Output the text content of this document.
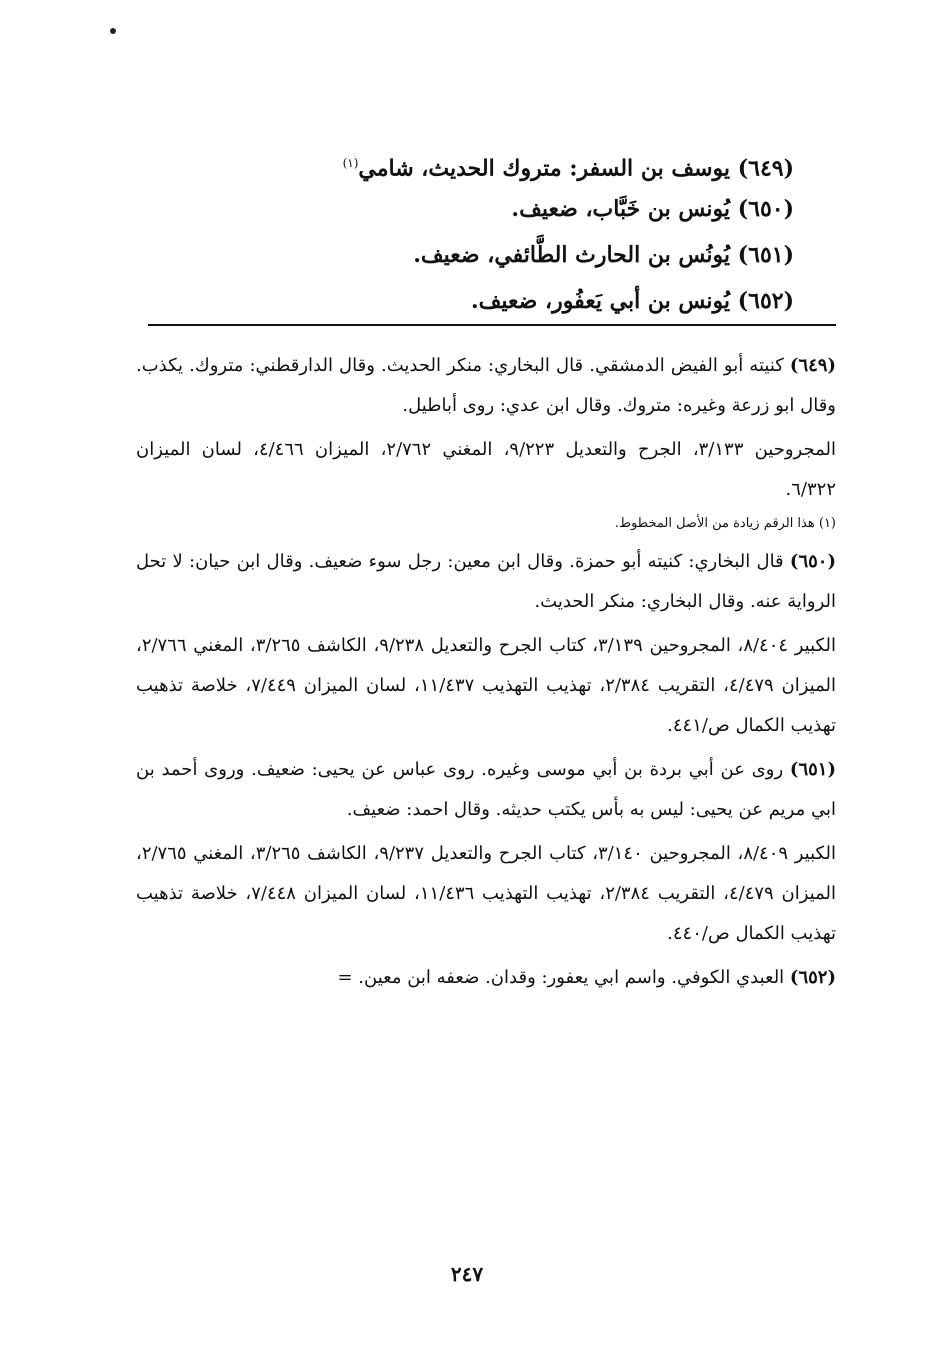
(٦٤٩) يوسف بن السفر: متروك الحديث، شامي$^{(١)}$
(٦٥٠) يُونس بن خَبَّاب، ضعيف.
(٦٥١) يُونُس بن الحارث الطَّائفي، ضعيف.
(٦٥٢) يُونس بن أبي يَعفُور، ضعيف.

(٦٤٩) كنيته أبو الفيض الدمشقي. قال البخاري: منكر الحديث. وقال الدارقطني: متروك. يكذب. وقال ابو زرعة وغيره: متروك. وقال ابن عدي: روى أباطيل.

المجروحين ٣/١٣٣، الجرح والتعديل ٩/٢٢٣، المغني ٢/٧٦٢، الميزان ٤/٤٦٦، لسان الميزان ٦/٣٢٢.

(١) هذا الرقم زيادة من الأصل المخطوط.

(٦٥٠) قال البخاري: كنيته أبو حمزة. وقال ابن معين: رجل سوء ضعيف. وقال ابن حيان: لا تحل الرواية عنه. وقال البخاري: منكر الحديث.

الكبير ٨/٤٠٤، المجروحين ٣/١٣٩، كتاب الجرح والتعديل ٩/٢٣٨، الكاشف ٣/٢٦٥، المغني ٢/٧٦٦، الميزان ٤/٤٧٩، التقريب ٢/٣٨٤، تهذيب التهذيب ١١/٤٣٧، لسان الميزان ٧/٤٤٩، خلاصة تذهيب تهذيب الكمال ص/٤٤١.

(٦٥١) روى عن أبي بردة بن أبي موسى وغيره. روى عباس عن يحيى: ضعيف. وروى أحمد بن ابي مريم عن يحيى: ليس به بأس يكتب حديثه. وقال احمد: ضعيف.

الكبير ٨/٤٠٩، المجروحين ٣/١٤٠، كتاب الجرح والتعديل ٩/٢٣٧، الكاشف ٣/٢٦٥، المغني ٢/٧٦٥، الميزان ٤/٤٧٩، التقريب ٢/٣٨٤، تهذيب التهذيب ١١/٤٣٦، لسان الميزان ٧/٤٤٨، خلاصة تذهيب تهذيب الكمال ص/٤٤٠.

(٦٥٢) العبدي الكوفي. واسم ابي يعفور: وقدان. ضعفه ابن معين. =

٢٤٧
